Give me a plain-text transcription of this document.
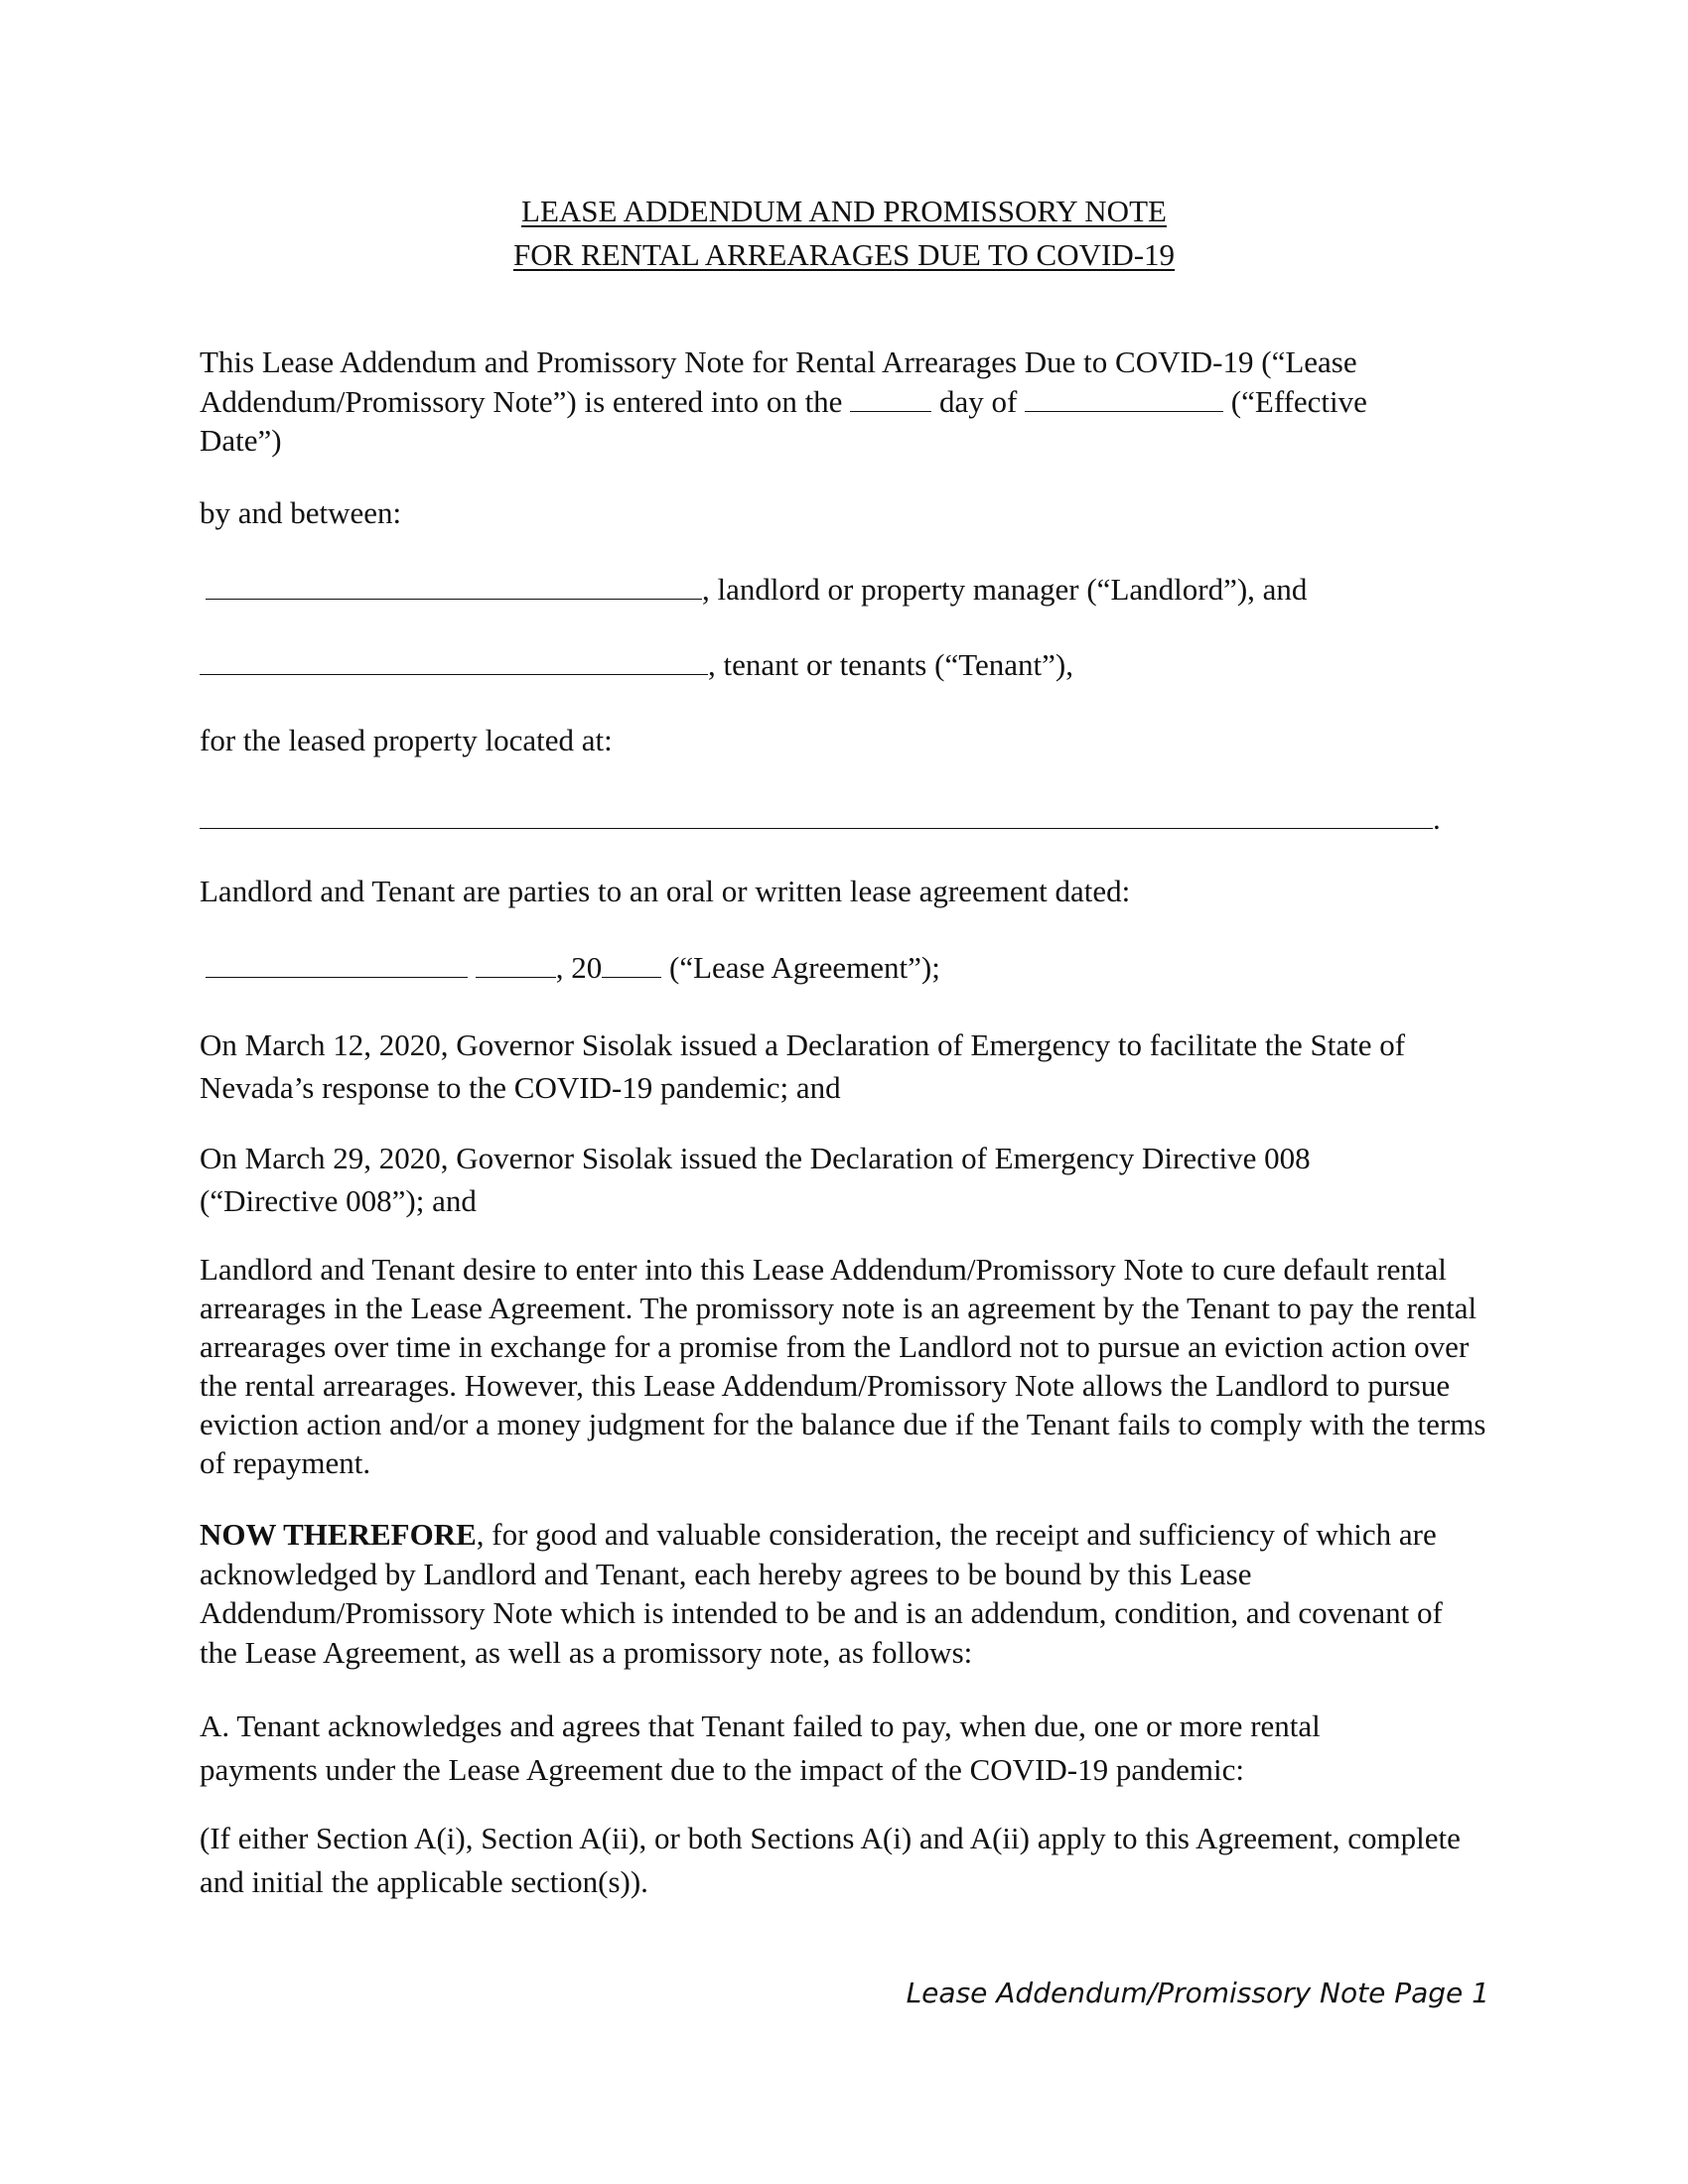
LEASE ADDENDUM AND PROMISSORY NOTE

FOR RENTAL ARREARAGES DUE TO COVID-19

This Lease Addendum and Promissory Note for Rental Arrearages Due to COVID-19 (“Lease Addendum/Promissory Note”) is entered into on the	day of	(“Effective Date”)

by and between:

, landlord or property manager (“Landlord”), and

, tenant or tenants (“Tenant”),

for the leased property located at:

.

Landlord and Tenant are parties to an oral or written lease agreement dated:

, 20 (“Lease Agreement”);

On March 12, 2020, Governor Sisolak issued a Declaration of Emergency to facilitate the State of Nevada’s response to the COVID-19 pandemic; and

On March 29, 2020, Governor Sisolak issued the Declaration of Emergency Directive 008 (“Directive 008”); and

Landlord and Tenant desire to enter into this Lease Addendum/Promissory Note to cure default rental arrearages in the Lease Agreement. The promissory note is an agreement by the Tenant to pay the rental arrearages over time in exchange for a promise from the Landlord not to pursue an eviction action over the rental arrearages. However, this Lease Addendum/Promissory Note allows the Landlord to pursue eviction action and/or a money judgment for the balance due if the Tenant fails to comply with the terms of repayment.

NOW THEREFORE, for good and valuable consideration, the receipt and sufficiency of which are acknowledged by Landlord and Tenant, each hereby agrees to be bound by this Lease Addendum/Promissory Note which is intended to be and is an addendum, condition, and covenant of the Lease Agreement, as well as a promissory note, as follows:

A. Tenant acknowledges and agrees that Tenant failed to pay, when due, one or more rental payments under the Lease Agreement due to the impact of the COVID-19 pandemic:

(If either Section A(i), Section A(ii), or both Sections A(i) and A(ii) apply to this Agreement, complete and initial the applicable section(s)).

Lease Addendum/Promissory Note Page 1
